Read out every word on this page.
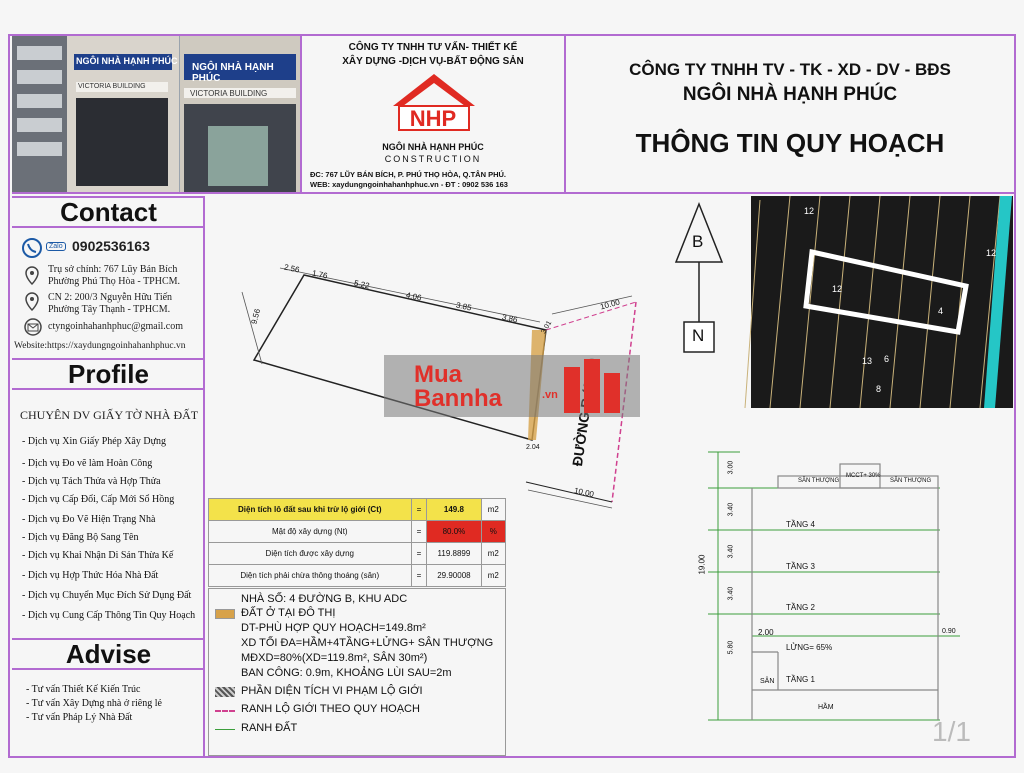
NGÔI NHÀ HẠNH PHÚC
NGÔI NHÀ HẠNH PHÚC
VICTORIA BUILDING
VICTORIA BUILDING
CÔNG TY TNHH TƯ VẤN- THIẾT KẾ
XÂY DỰNG -DỊCH VỤ-BẤT ĐỘNG SẢN
NHP
NGÔI NHÀ HẠNH PHÚC
CONSTRUCTION
ĐC: 767 LŨY BÁN BÍCH, P. PHÚ THỌ HÒA, Q.TÂN PHÚ.
WEB: xaydungngoinhahanhphuc.vn - ĐT : 0902 536 163
CÔNG TY TNHH TV - TK - XD - DV - BĐS
NGÔI NHÀ HẠNH PHÚC
THÔNG TIN QUY HOẠCH
Contact
Zalo 0902536163
Trụ sở chính: 767 Lũy Bán Bích
Phường Phú Thọ Hòa - TPHCM.
CN 2: 200/3 Nguyễn Hữu Tiến
Phường Tây Thạnh - TPHCM.
ctyngoinhahanhphuc@gmail.com
Website:https://xaydungngoinhahanhphuc.vn
Profile
CHUYÊN DV GIẤY TỜ NHÀ ĐẤT
- Dịch vụ Xin Giấy Phép Xây Dựng
- Dịch vụ Đo vẽ làm Hoàn Công
- Dịch vụ Tách Thửa và Hợp Thửa
- Dịch vụ Cấp Đổi, Cấp Mới Sổ Hồng
- Dịch vụ Đo Vẽ Hiện Trạng Nhà
- Dịch vụ Đăng Bộ Sang Tên
- Dịch vụ Khai Nhận Di Sản Thừa Kế
- Dịch vụ Hợp Thức Hóa Nhà Đất
- Dịch vụ Chuyển Mục Đích Sử Dụng Đất
- Dịch vụ Cung Cấp Thông Tin Quy Hoạch
Advise
- Tư vấn Thiết Kế Kiến Trúc
- Tư vấn Xây Dựng nhà ở riêng lẻ
- Tư vấn Pháp Lý Nhà Đất
2.56 1.76
5.22
4.06
3.85
3.86
9.56
10.00
10.00
2.04
3.01
ĐƯỜNG
B
N
12
13
4
6
12
8
12
19.00
3.00
3.40
3.40
3.40
5.80
MCCT+ 30%
SÂN THƯỢNG	SÂN THƯỢNG
TẦNG 4
TẦNG 3
TẦNG 2
TẦNG 1
LỬNG= 65%
SÂN
HẦM
2.00	0.90
Diện tích lô đất sau khi trừ lộ giới (Ct)	=	149.8	m2
Mật độ xây dựng (Nt)	=	80.0%	%
Diện tích được xây dựng	=	119.8899	m2
Diện tích phải chừa thông thoáng (sân)	=	29.90008	m2
NHÀ SỐ: 4 ĐƯỜNG B, KHU ADC
ĐẤT Ở TẠI ĐÔ THỊ
DT-PHÙ HỢP QUY HOẠCH=149.8m²
XD TỐI ĐA=HẦM+4TẦNG+LỬNG+ SÂN THƯỢNG
MĐXD=80%(XD=119.8m², SÂN 30m²)
BAN CÔNG: 0.9m, KHOẢNG LÙI SAU=2m
PHẦN DIỆN TÍCH VI PHẠM LỘ GIỚI
RANH LỘ GIỚI THEO QUY HOẠCH
RANH ĐẤT
Mua
Bannha	.vn
1/1
